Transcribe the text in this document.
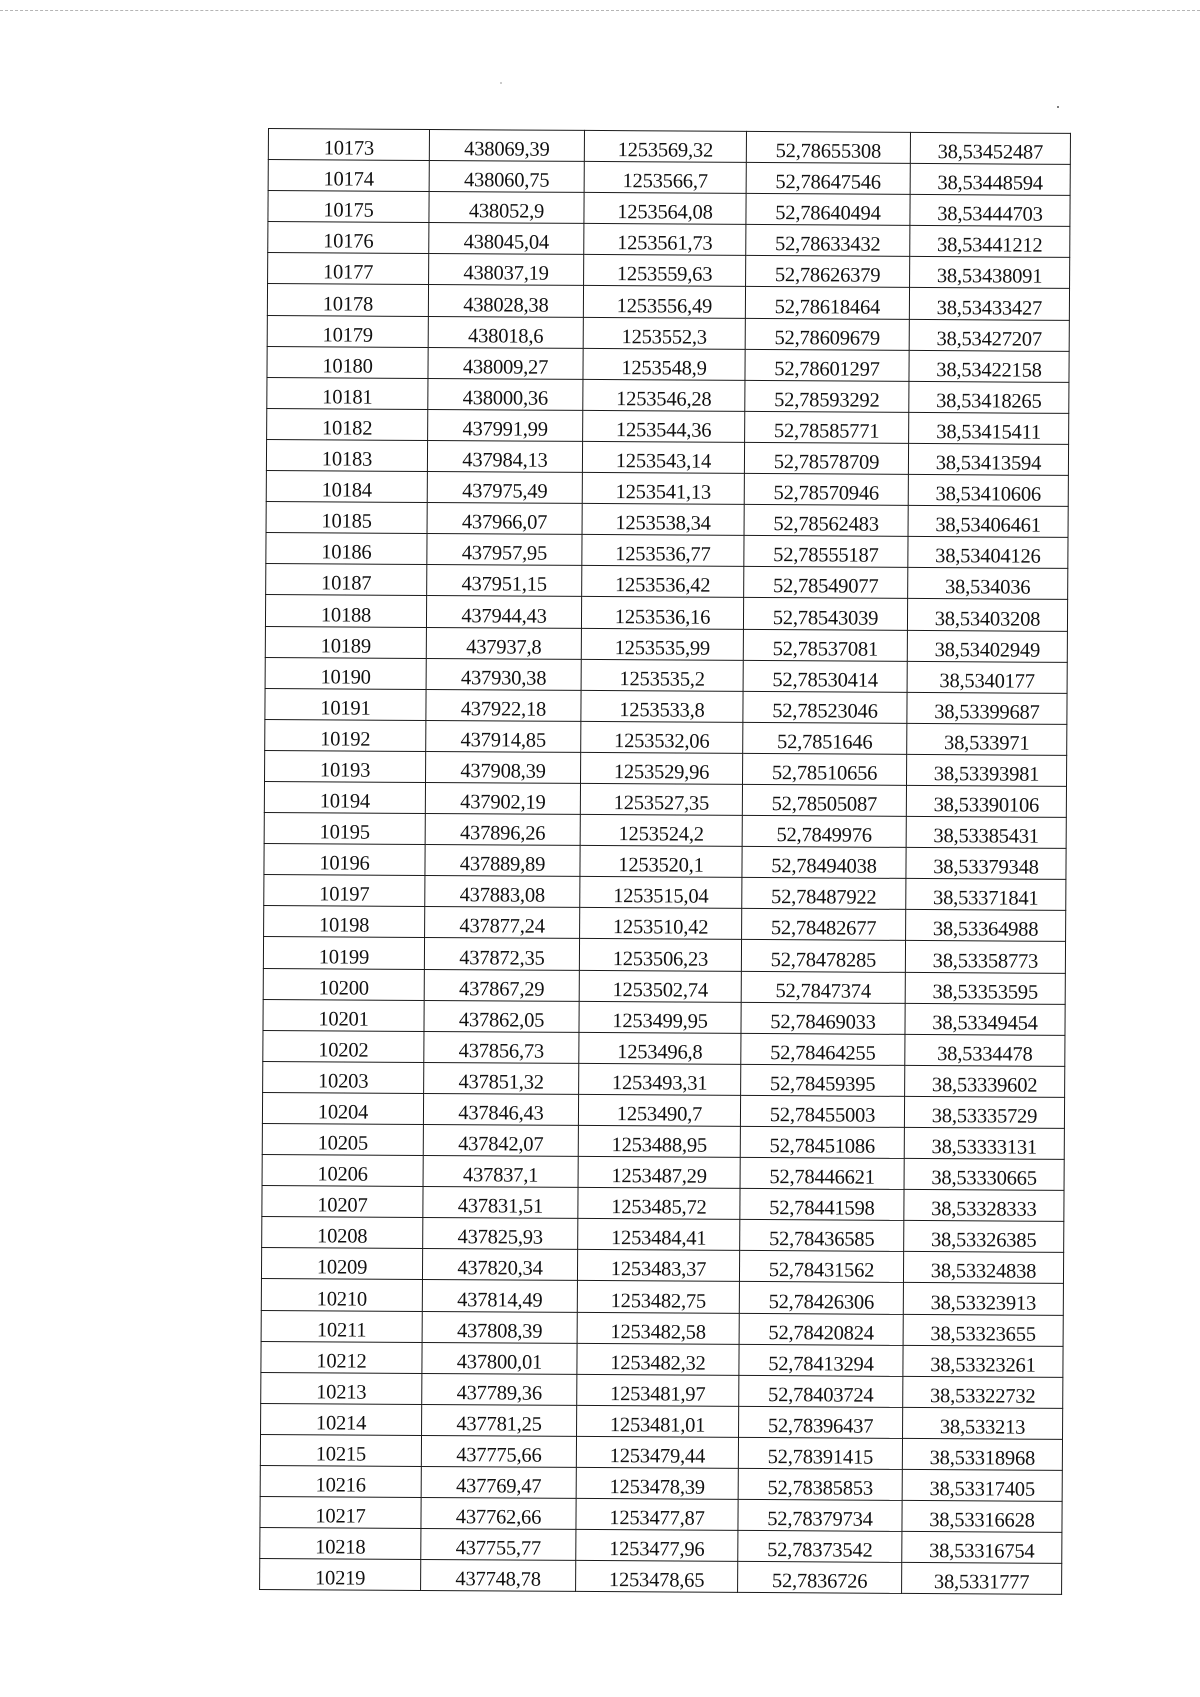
10173	438069,39	1253569,32	52,78655308	38,53452487
10174	438060,75	1253566,7	52,78647546	38,53448594
10175	438052,9	1253564,08	52,78640494	38,53444703
10176	438045,04	1253561,73	52,78633432	38,53441212
10177	438037,19	1253559,63	52,78626379	38,53438091
10178	438028,38	1253556,49	52,78618464	38,53433427
10179	438018,6	1253552,3	52,78609679	38,53427207
10180	438009,27	1253548,9	52,78601297	38,53422158
10181	438000,36	1253546,28	52,78593292	38,53418265
10182	437991,99	1253544,36	52,78585771	38,53415411
10183	437984,13	1253543,14	52,78578709	38,53413594
10184	437975,49	1253541,13	52,78570946	38,53410606
10185	437966,07	1253538,34	52,78562483	38,53406461
10186	437957,95	1253536,77	52,78555187	38,53404126
10187	437951,15	1253536,42	52,78549077	38,534036
10188	437944,43	1253536,16	52,78543039	38,53403208
10189	437937,8	1253535,99	52,78537081	38,53402949
10190	437930,38	1253535,2	52,78530414	38,5340177
10191	437922,18	1253533,8	52,78523046	38,53399687
10192	437914,85	1253532,06	52,7851646	38,533971
10193	437908,39	1253529,96	52,78510656	38,53393981
10194	437902,19	1253527,35	52,78505087	38,53390106
10195	437896,26	1253524,2	52,7849976	38,53385431
10196	437889,89	1253520,1	52,78494038	38,53379348
10197	437883,08	1253515,04	52,78487922	38,53371841
10198	437877,24	1253510,42	52,78482677	38,53364988
10199	437872,35	1253506,23	52,78478285	38,53358773
10200	437867,29	1253502,74	52,7847374	38,53353595
10201	437862,05	1253499,95	52,78469033	38,53349454
10202	437856,73	1253496,8	52,78464255	38,5334478
10203	437851,32	1253493,31	52,78459395	38,53339602
10204	437846,43	1253490,7	52,78455003	38,53335729
10205	437842,07	1253488,95	52,78451086	38,53333131
10206	437837,1	1253487,29	52,78446621	38,53330665
10207	437831,51	1253485,72	52,78441598	38,53328333
10208	437825,93	1253484,41	52,78436585	38,53326385
10209	437820,34	1253483,37	52,78431562	38,53324838
10210	437814,49	1253482,75	52,78426306	38,53323913
10211	437808,39	1253482,58	52,78420824	38,53323655
10212	437800,01	1253482,32	52,78413294	38,53323261
10213	437789,36	1253481,97	52,78403724	38,53322732
10214	437781,25	1253481,01	52,78396437	38,533213
10215	437775,66	1253479,44	52,78391415	38,53318968
10216	437769,47	1253478,39	52,78385853	38,53317405
10217	437762,66	1253477,87	52,78379734	38,53316628
10218	437755,77	1253477,96	52,78373542	38,53316754
10219	437748,78	1253478,65	52,7836726	38,5331777
